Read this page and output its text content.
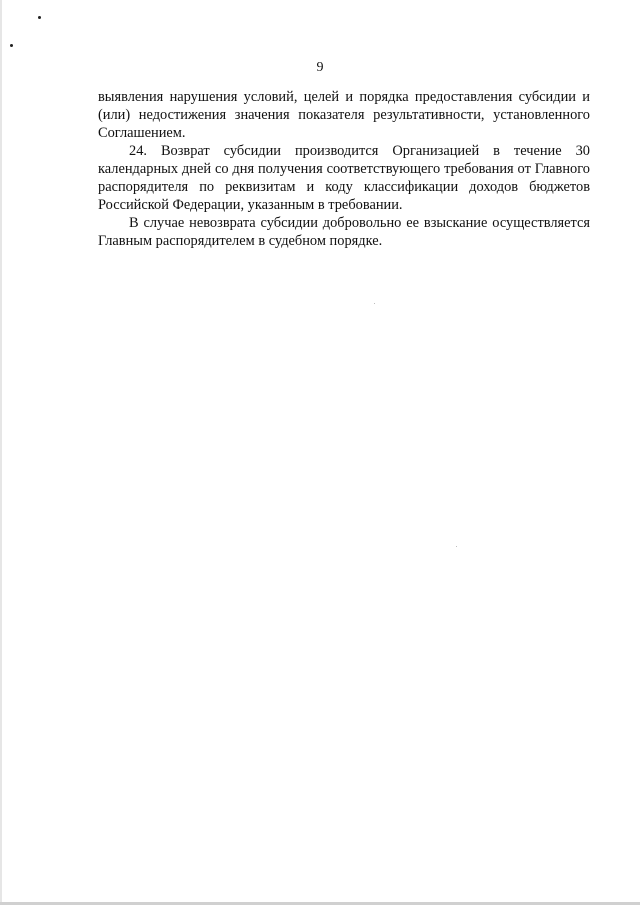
9

выявления нарушения условий, целей и порядка предоставления субсидии и (или) недостижения значения показателя результативности, установленного Соглашением.

24. Возврат субсидии производится Организацией в течение 30 календарных дней со дня получения соответствующего требования от Главного распорядителя по реквизитам и коду классификации доходов бюджетов Российской Федерации, указанным в требовании.

В случае невозврата субсидии добровольно ее взыскание осуществляется Главным распорядителем в судебном порядке.
